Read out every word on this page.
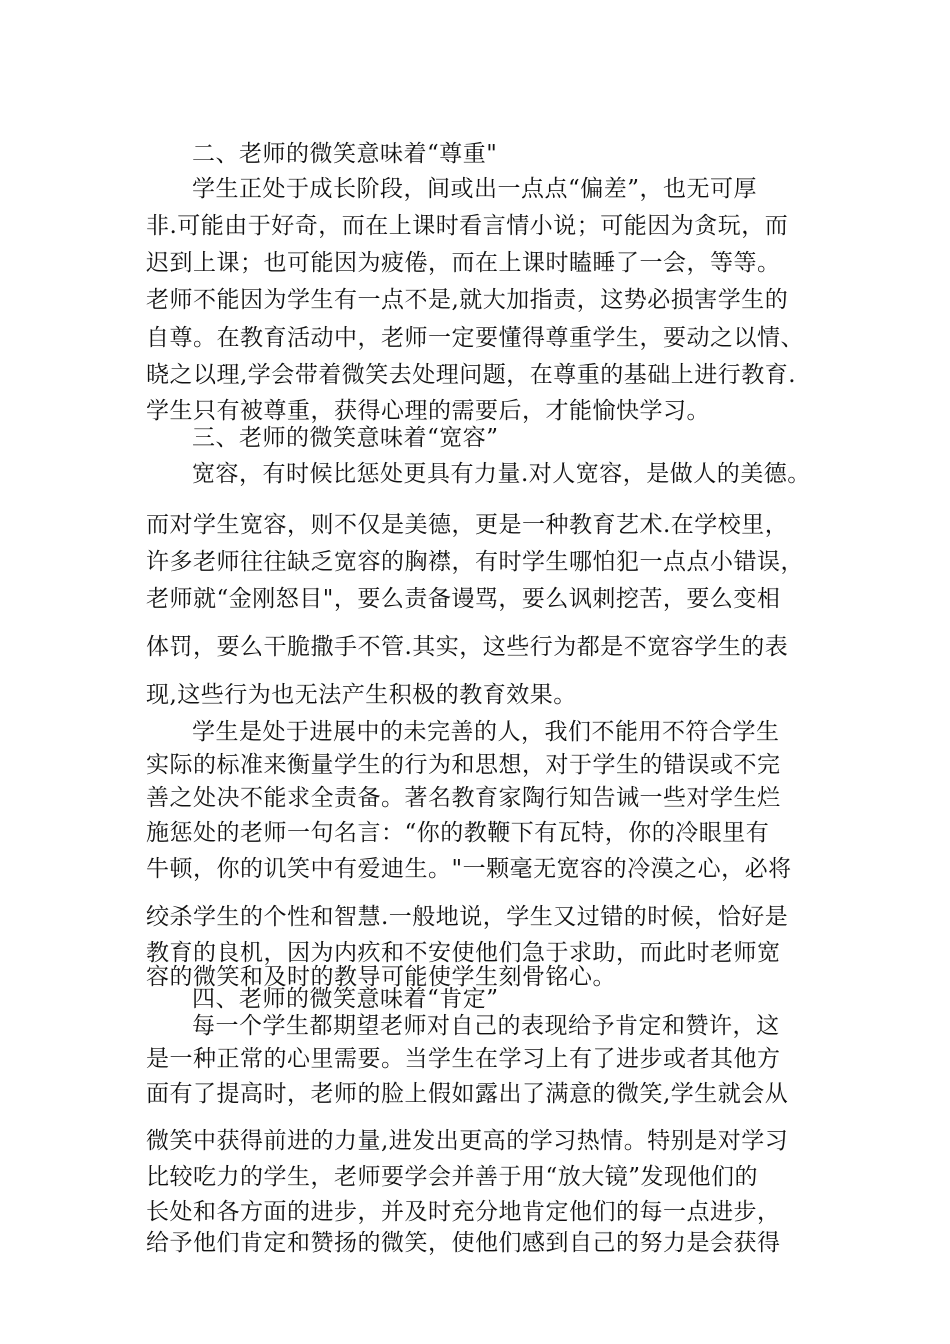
二、老师的微笑意味着“尊重"
学生正处于成长阶段，间或出一点点“偏差”，也无可厚
非.可能由于好奇，而在上课时看言情小说；可能因为贪玩，而
迟到上课；也可能因为疲倦，而在上课时瞌睡了一会，等等。
老师不能因为学生有一点不是,就大加指责，这势必损害学生的
自尊。在教育活动中，老师一定要懂得尊重学生，要动之以情、
晓之以理,学会带着微笑去处理问题，在尊重的基础上进行教育.
学生只有被尊重，获得心理的需要后，才能愉快学习。
三、老师的微笑意味着“宽容”
宽容，有时候比惩处更具有力量.对人宽容，是做人的美德。
而对学生宽容，则不仅是美德，更是一种教育艺术.在学校里，
许多老师往往缺乏宽容的胸襟，有时学生哪怕犯一点点小错误，
老师就“金刚怒目"，要么责备谩骂，要么讽刺挖苦，要么变相
体罚，要么干脆撒手不管.其实，这些行为都是不宽容学生的表
现,这些行为也无法产生积极的教育效果。
学生是处于进展中的未完善的人，我们不能用不符合学生
实际的标准来衡量学生的行为和思想，对于学生的错误或不完
善之处决不能求全责备。著名教育家陶行知告诫一些对学生烂
施惩处的老师一句名言：“你的教鞭下有瓦特，你的冷眼里有
牛顿，你的讥笑中有爱迪生。"一颗毫无宽容的冷漠之心，必将
绞杀学生的个性和智慧.一般地说，学生又过错的时候，恰好是
教育的良机，因为内疚和不安使他们急于求助，而此时老师宽
容的微笑和及时的教导可能使学生刻骨铭心。
四、老师的微笑意味着“肯定”
每一个学生都期望老师对自己的表现给予肯定和赞许，这
是一种正常的心里需要。当学生在学习上有了进步或者其他方
面有了提高时，老师的脸上假如露出了满意的微笑,学生就会从
微笑中获得前进的力量,进发出更高的学习热情。特别是对学习
比较吃力的学生，老师要学会并善于用“放大镜”发现他们的
长处和各方面的进步，并及时充分地肯定他们的每一点进步，
给予他们肯定和赞扬的微笑，使他们感到自己的努力是会获得
